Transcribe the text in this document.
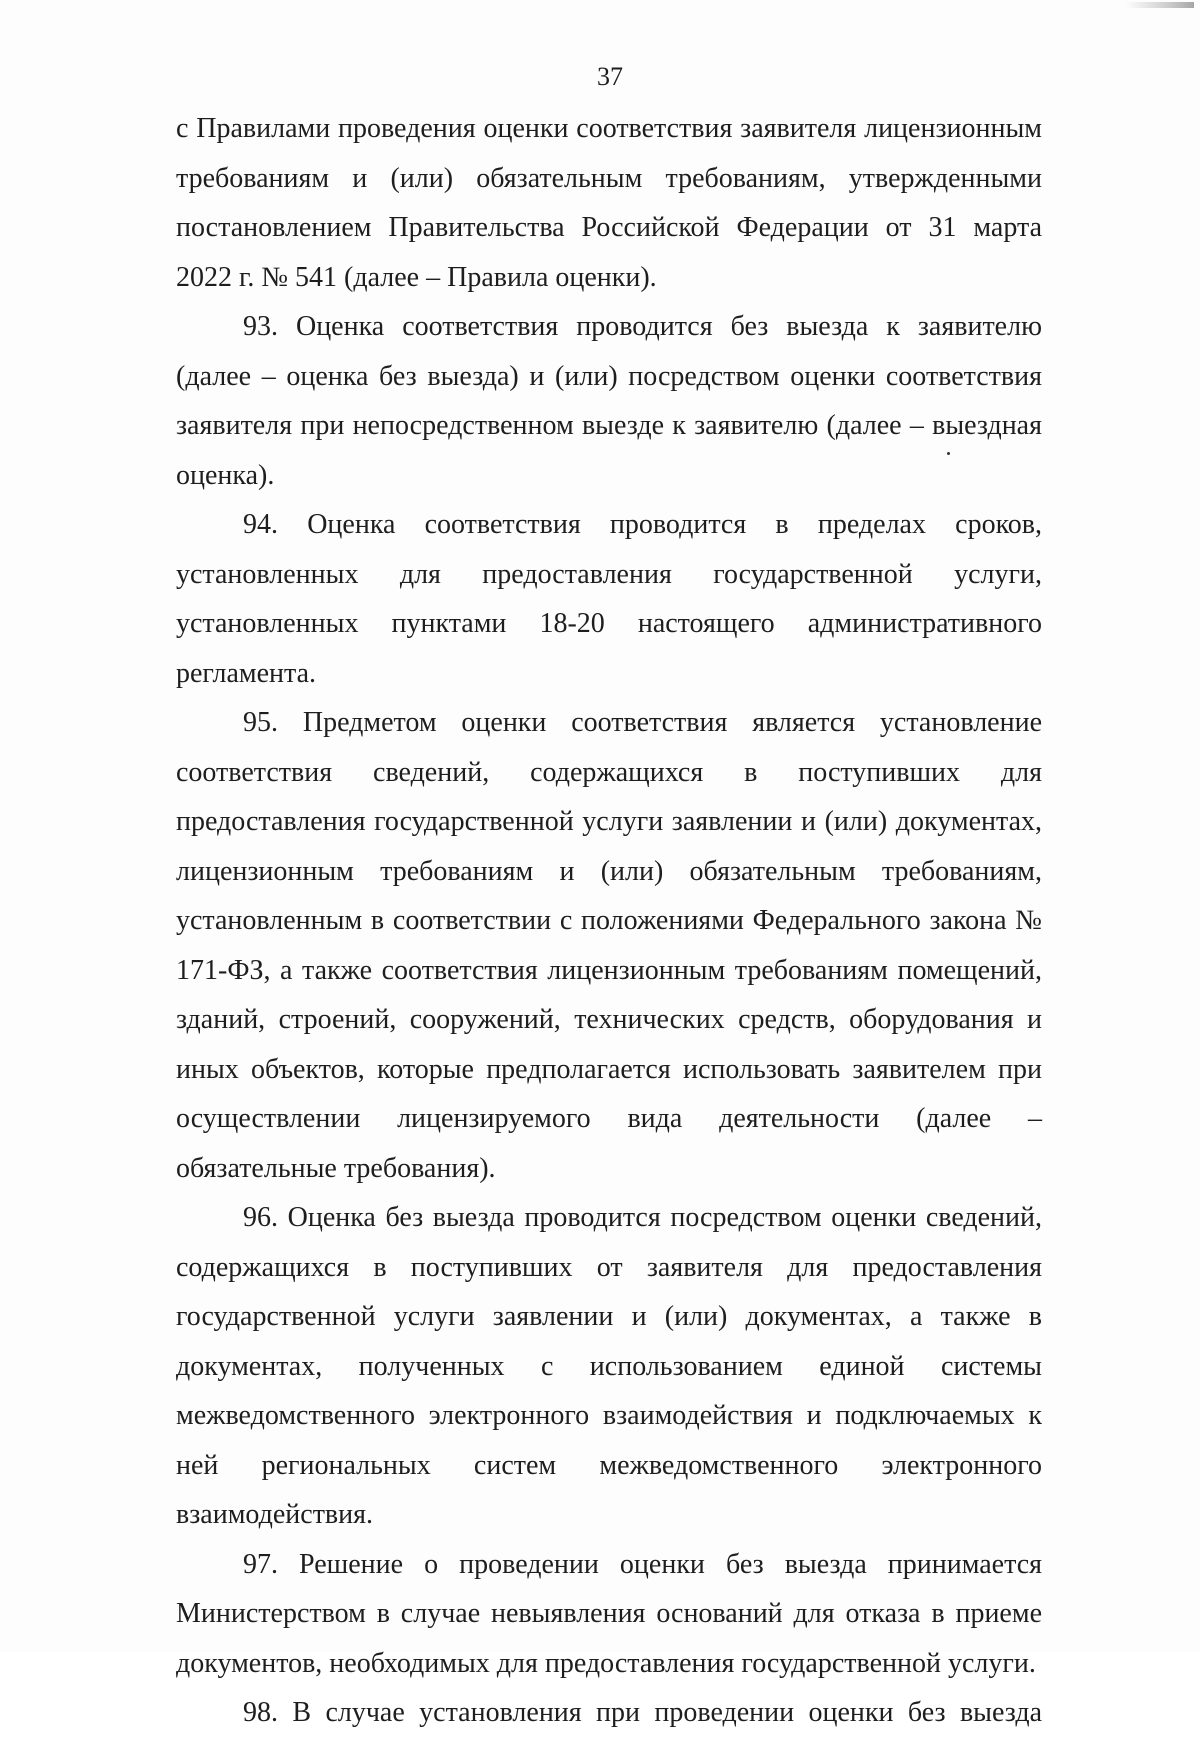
37

с Правилами проведения оценки соответствия заявителя лицензионным требованиям и (или) обязательным требованиям, утвержденными постановлением Правительства Российской Федерации от 31 марта 2022 г. № 541 (далее – Правила оценки).

93. Оценка соответствия проводится без выезда к заявителю (далее – оценка без выезда) и (или) посредством оценки соответствия заявителя при непосредственном выезде к заявителю (далее – выездная оценка).

94. Оценка соответствия проводится в пределах сроков, установленных для предоставления государственной услуги, установленных пунктами 18-20 настоящего административного регламента.

95. Предметом оценки соответствия является установление соответствия сведений, содержащихся в поступивших для предоставления государственной услуги заявлении и (или) документах, лицензионным требованиям и (или) обязательным требованиям, установленным в соответствии с положениями Федерального закона № 171-ФЗ, а также соответствия лицензионным требованиям помещений, зданий, строений, сооружений, технических средств, оборудования и иных объектов, которые предполагается использовать заявителем при осуществлении лицензируемого вида деятельности (далее – обязательные требования).

96. Оценка без выезда проводится посредством оценки сведений, содержащихся в поступивших от заявителя для предоставления государственной услуги заявлении и (или) документах, а также в документах, полученных с использованием единой системы межведомственного электронного взаимодействия и подключаемых к ней региональных систем межведомственного электронного взаимодействия.

97. Решение о проведении оценки без выезда принимается Министерством в случае невыявления оснований для отказа в приеме документов, необходимых для предоставления государственной услуги.

98. В случае установления при проведении оценки без выезда
